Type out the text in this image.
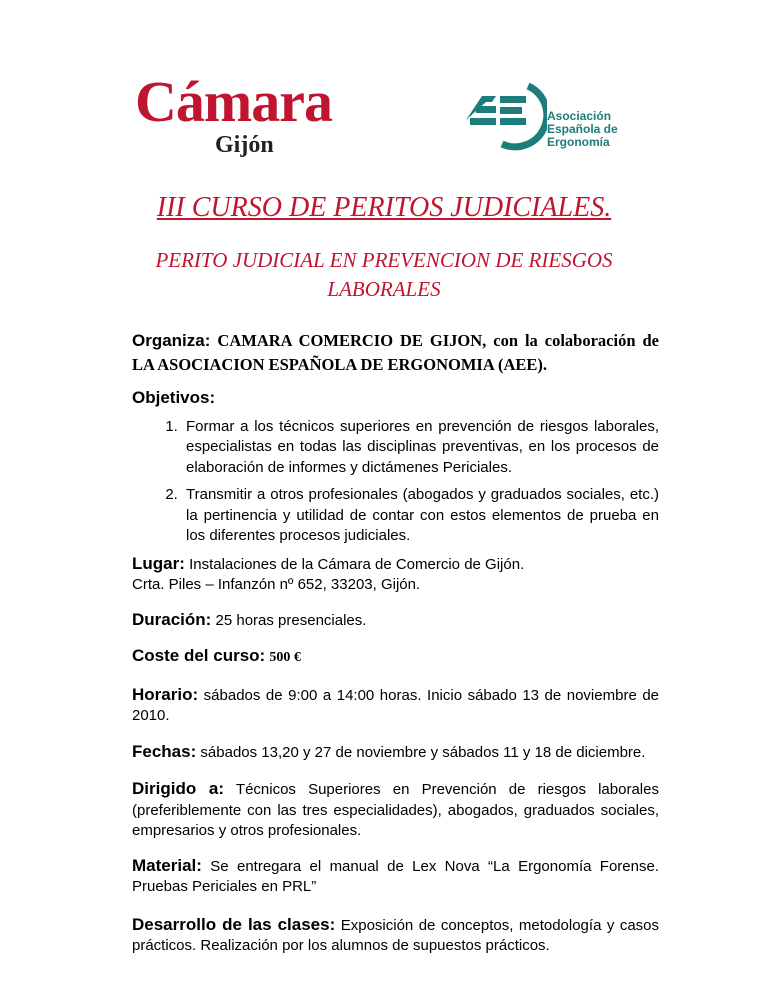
Cámara
Gijón
Asociación
Española de
Ergonomía
III CURSO DE PERITOS JUDICIALES.
PERITO JUDICIAL EN PREVENCION DE RIESGOS LABORALES
Organiza: CAMARA COMERCIO DE GIJON, con la colaboración de LA ASOCIACION ESPAÑOLA DE ERGONOMIA (AEE).
Objetivos:
1. Formar a los técnicos superiores en prevención de riesgos laborales, especialistas en todas las disciplinas preventivas, en los procesos de elaboración de informes y dictámenes Periciales.
2. Transmitir a otros profesionales (abogados y graduados sociales, etc.) la pertinencia y utilidad de contar con estos elementos de prueba en los diferentes procesos judiciales.
Lugar: Instalaciones de la Cámara de Comercio de Gijón.
Crta. Piles – Infanzón nº 652, 33203, Gijón.
Duración: 25 horas presenciales.
Coste del curso: 500 €
Horario: sábados de 9:00 a 14:00 horas. Inicio sábado 13 de noviembre de 2010.
Fechas: sábados 13,20 y 27 de noviembre y sábados 11 y 18 de diciembre.
Dirigido a: Técnicos Superiores en Prevención de riesgos laborales (preferiblemente con las tres especialidades), abogados, graduados sociales, empresarios y otros profesionales.
Material: Se entregara el manual de Lex Nova “La Ergonomía Forense. Pruebas Periciales en PRL”
Desarrollo de las clases: Exposición de conceptos, metodología y casos prácticos. Realización por los alumnos de supuestos prácticos.
